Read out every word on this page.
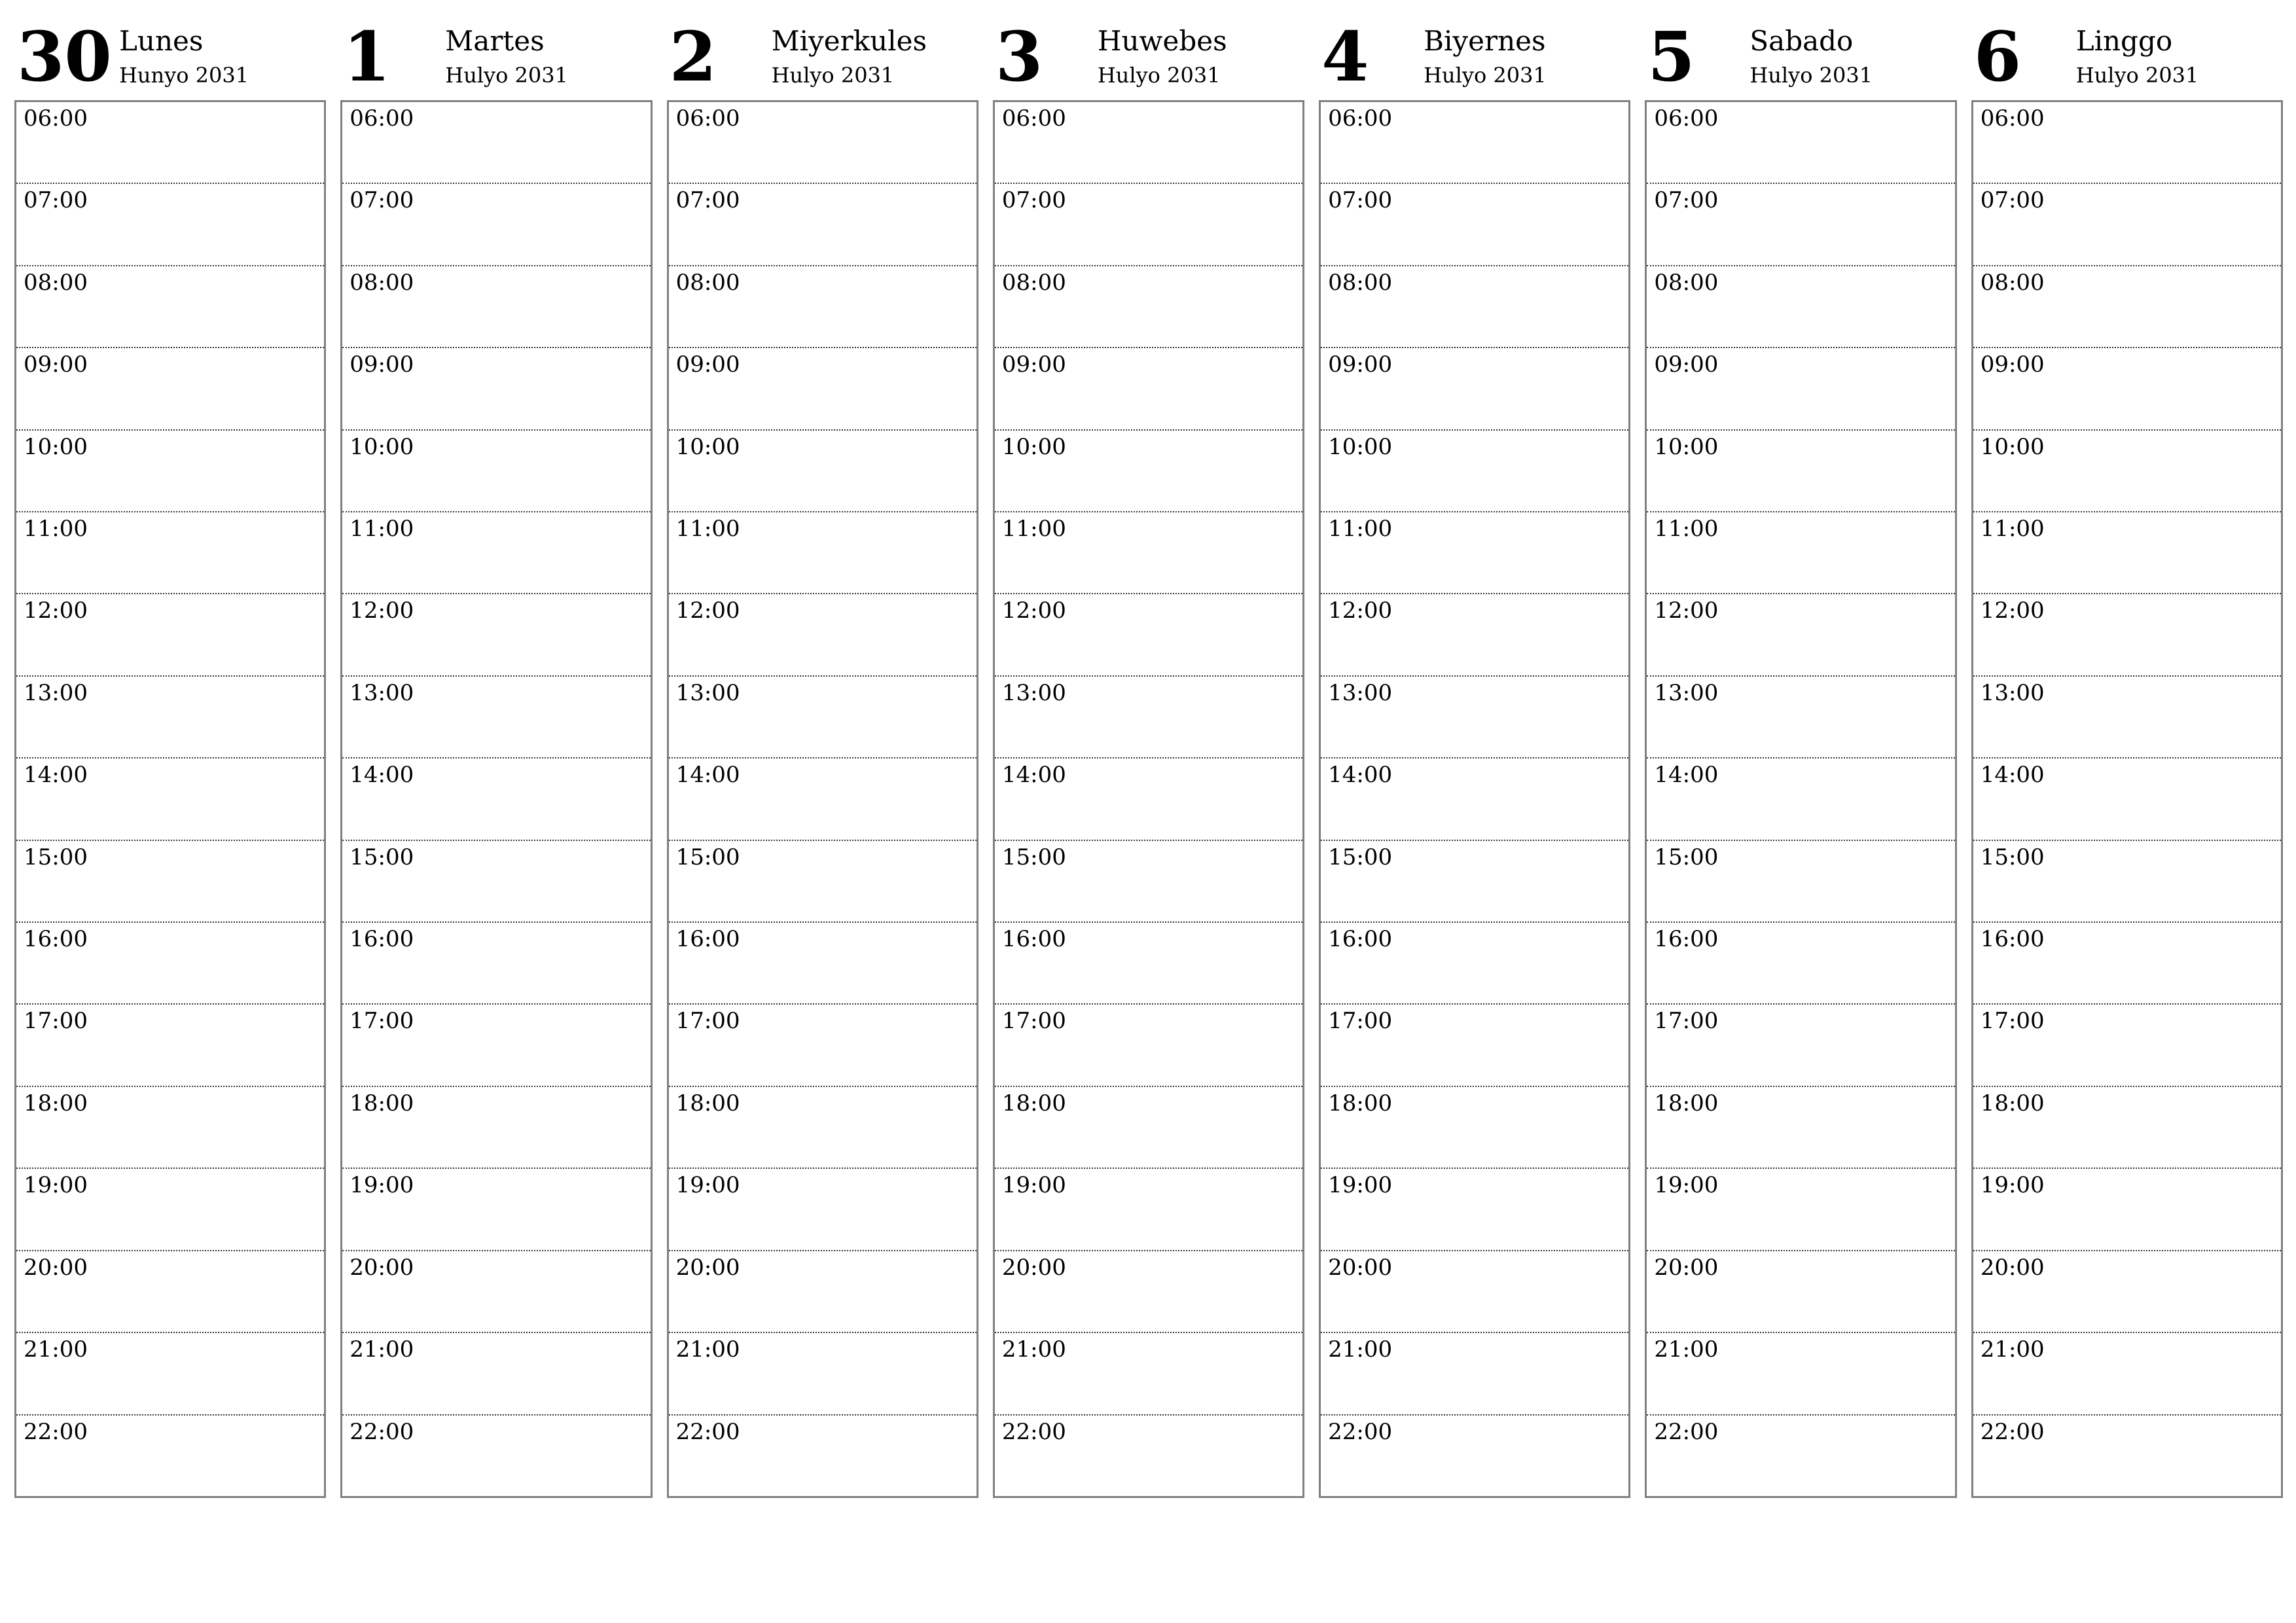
30 Lunes
Hunyo 2031
06:00
07:00
08:00
09:00
10:00
11:00
12:00
13:00
14:00
15:00
16:00
17:00
18:00
19:00
20:00
21:00
22:00
1 Martes
Hulyo 2031
06:00
07:00
08:00
09:00
10:00
11:00
12:00
13:00
14:00
15:00
16:00
17:00
18:00
19:00
20:00
21:00
22:00
2 Miyerkules
Hulyo 2031
06:00
07:00
08:00
09:00
10:00
11:00
12:00
13:00
14:00
15:00
16:00
17:00
18:00
19:00
20:00
21:00
22:00
3 Huwebes
Hulyo 2031
06:00
07:00
08:00
09:00
10:00
11:00
12:00
13:00
14:00
15:00
16:00
17:00
18:00
19:00
20:00
21:00
22:00
4 Biyernes
Hulyo 2031
06:00
07:00
08:00
09:00
10:00
11:00
12:00
13:00
14:00
15:00
16:00
17:00
18:00
19:00
20:00
21:00
22:00
5 Sabado
Hulyo 2031
06:00
07:00
08:00
09:00
10:00
11:00
12:00
13:00
14:00
15:00
16:00
17:00
18:00
19:00
20:00
21:00
22:00
6 Linggo
Hulyo 2031
06:00
07:00
08:00
09:00
10:00
11:00
12:00
13:00
14:00
15:00
16:00
17:00
18:00
19:00
20:00
21:00
22:00
